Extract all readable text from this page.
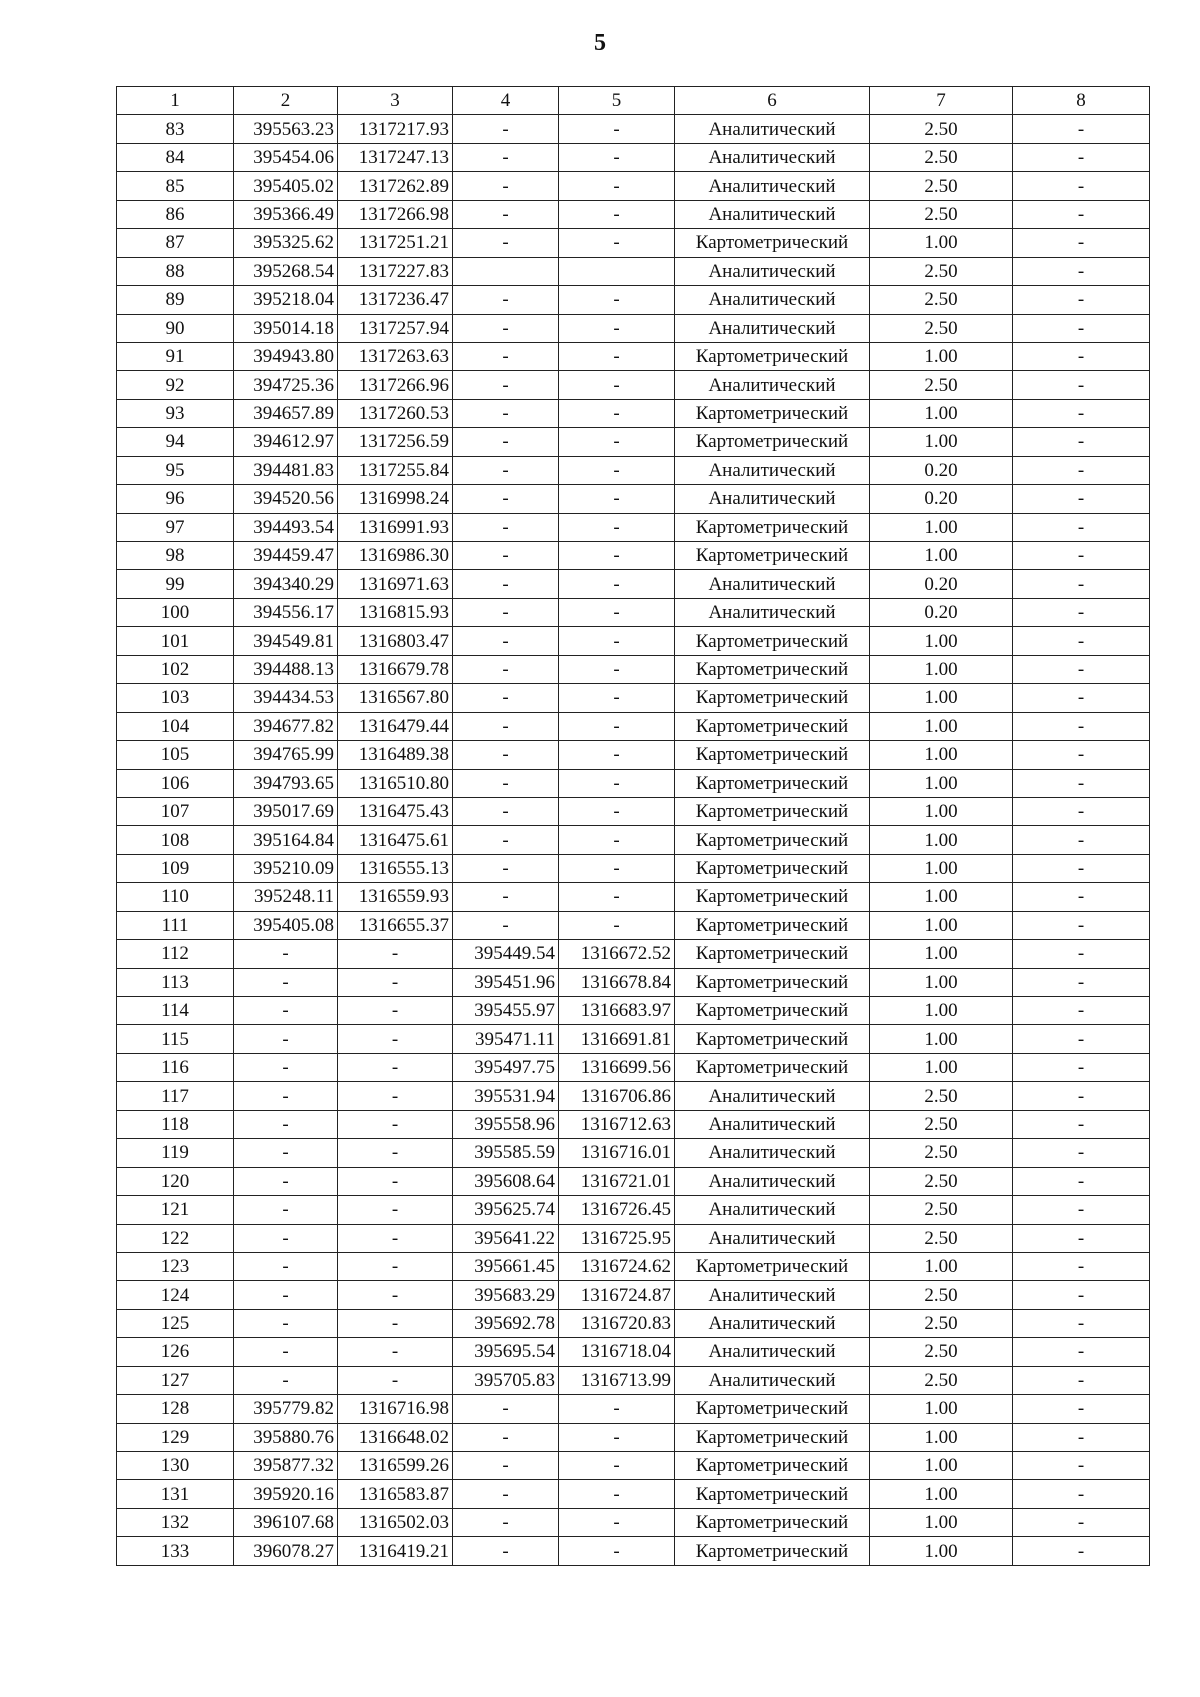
5
1	2	3	4	5	6	7	8
83	395563.23	1317217.93	-	-	Аналитический	2.50	-
84	395454.06	1317247.13	-	-	Аналитический	2.50	-
85	395405.02	1317262.89	-	-	Аналитический	2.50	-
86	395366.49	1317266.98	-	-	Аналитический	2.50	-
87	395325.62	1317251.21	-	-	Картометрический	1.00	-
88	395268.54	1317227.83			Аналитический	2.50	-
89	395218.04	1317236.47	-	-	Аналитический	2.50	-
90	395014.18	1317257.94	-	-	Аналитический	2.50	-
91	394943.80	1317263.63	-	-	Картометрический	1.00	-
92	394725.36	1317266.96	-	-	Аналитический	2.50	-
93	394657.89	1317260.53	-	-	Картометрический	1.00	-
94	394612.97	1317256.59	-	-	Картометрический	1.00	-
95	394481.83	1317255.84	-	-	Аналитический	0.20	-
96	394520.56	1316998.24	-	-	Аналитический	0.20	-
97	394493.54	1316991.93	-	-	Картометрический	1.00	-
98	394459.47	1316986.30	-	-	Картометрический	1.00	-
99	394340.29	1316971.63	-	-	Аналитический	0.20	-
100	394556.17	1316815.93	-	-	Аналитический	0.20	-
101	394549.81	1316803.47	-	-	Картометрический	1.00	-
102	394488.13	1316679.78	-	-	Картометрический	1.00	-
103	394434.53	1316567.80	-	-	Картометрический	1.00	-
104	394677.82	1316479.44	-	-	Картометрический	1.00	-
105	394765.99	1316489.38	-	-	Картометрический	1.00	-
106	394793.65	1316510.80	-	-	Картометрический	1.00	-
107	395017.69	1316475.43	-	-	Картометрический	1.00	-
108	395164.84	1316475.61	-	-	Картометрический	1.00	-
109	395210.09	1316555.13	-	-	Картометрический	1.00	-
110	395248.11	1316559.93	-	-	Картометрический	1.00	-
111	395405.08	1316655.37	-	-	Картометрический	1.00	-
112	-	-	395449.54	1316672.52	Картометрический	1.00	-
113	-	-	395451.96	1316678.84	Картометрический	1.00	-
114	-	-	395455.97	1316683.97	Картометрический	1.00	-
115	-	-	395471.11	1316691.81	Картометрический	1.00	-
116	-	-	395497.75	1316699.56	Картометрический	1.00	-
117	-	-	395531.94	1316706.86	Аналитический	2.50	-
118	-	-	395558.96	1316712.63	Аналитический	2.50	-
119	-	-	395585.59	1316716.01	Аналитический	2.50	-
120	-	-	395608.64	1316721.01	Аналитический	2.50	-
121	-	-	395625.74	1316726.45	Аналитический	2.50	-
122	-	-	395641.22	1316725.95	Аналитический	2.50	-
123	-	-	395661.45	1316724.62	Картометрический	1.00	-
124	-	-	395683.29	1316724.87	Аналитический	2.50	-
125	-	-	395692.78	1316720.83	Аналитический	2.50	-
126	-	-	395695.54	1316718.04	Аналитический	2.50	-
127	-	-	395705.83	1316713.99	Аналитический	2.50	-
128	395779.82	1316716.98	-	-	Картометрический	1.00	-
129	395880.76	1316648.02	-	-	Картометрический	1.00	-
130	395877.32	1316599.26	-	-	Картометрический	1.00	-
131	395920.16	1316583.87	-	-	Картометрический	1.00	-
132	396107.68	1316502.03	-	-	Картометрический	1.00	-
133	396078.27	1316419.21	-	-	Картометрический	1.00	-
